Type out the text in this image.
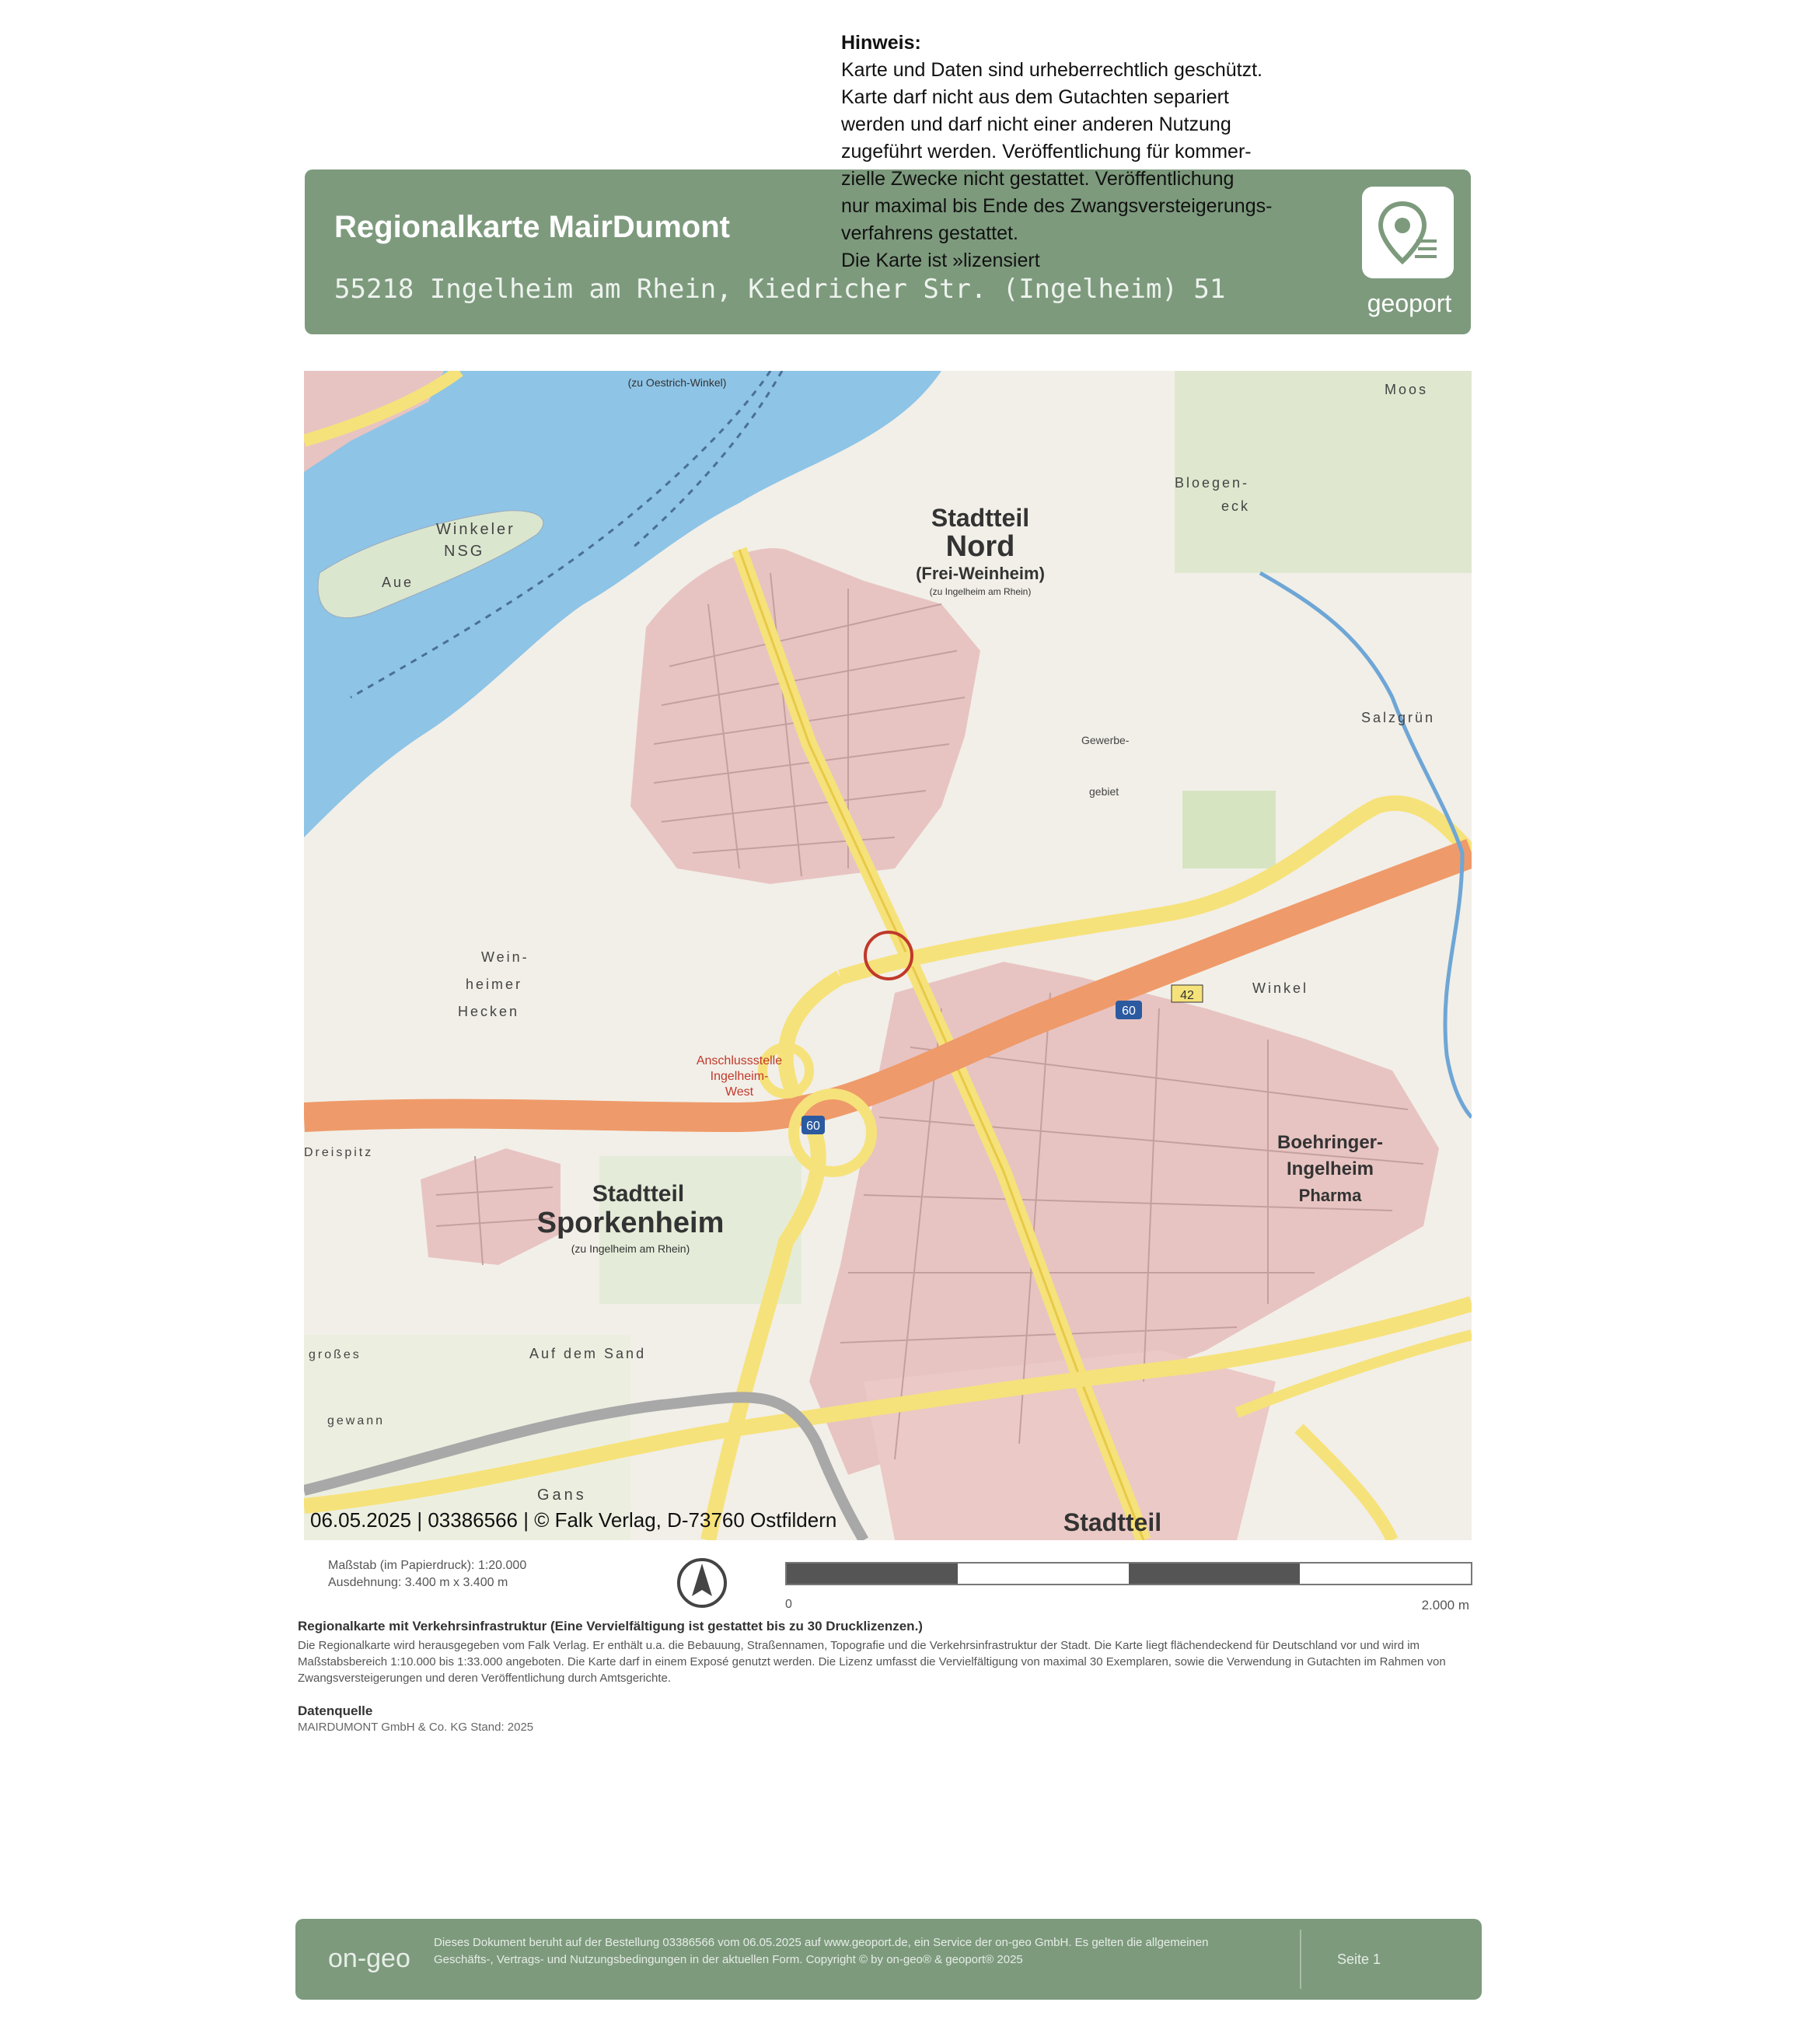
Hinweis:
Karte und Daten sind urheberrechtlich geschützt.
Karte darf nicht aus dem Gutachten separiert
werden und darf nicht einer anderen Nutzung
zugeführt werden. Veröffentlichung für kommer-
zielle Zwecke nicht gestattet. Veröffentlichung
nur maximal bis Ende des Zwangsversteigerungs-
verfahrens gestattet.
Die Karte ist »lizensiert
Regionalkarte MairDumont
55218 Ingelheim am Rhein, Kiedricher Str. (Ingelheim) 51	geoport
Stadtteil
Nord
(Frei-Weinheim)
(zu Ingelheim am Rhein)
Stadtteil
Sporkenheim
(zu Ingelheim am Rhein)
Stadtteil
Winkeler
NSG
Aue
Bloegen-
eck
Moos
Salzgrün
Winkel
Wein-
heimer
Hecken
Boehringer-
Ingelheim
Pharma
Anschlussstelle
Ingelheim-
West
Auf dem Sand
Gans
Dreispitz
großes
gewann
Gewerbe-
gebiet
(zu Oestrich-Winkel)
60
60
42
06.05.2025 | 03386566 | © Falk Verlag, D-73760 Ostfildern
Maßstab (im Papierdruck): 1:20.000
Ausdehnung: 3.400 m x 3.400 m
0	2.000 m
Regionalkarte mit Verkehrsinfrastruktur (Eine Vervielfältigung ist gestattet bis zu 30 Drucklizenzen.)
Die Regionalkarte wird herausgegeben vom Falk Verlag. Er enthält u.a. die Bebauung, Straßennamen, Topografie und die Verkehrsinfrastruktur der Stadt. Die Karte liegt flächendeckend für Deutschland vor und wird im Maßstabsbereich 1:10.000 bis 1:33.000 angeboten. Die Karte darf in einem Exposé genutzt werden. Die Lizenz umfasst die Vervielfältigung von maximal 30 Exemplaren, sowie die Verwendung in Gutachten im Rahmen von Zwangsversteigerungen und deren Veröffentlichung durch Amtsgerichte.
Datenquelle
MAIRDUMONT GmbH & Co. KG Stand: 2025
on-geo
Dieses Dokument beruht auf der Bestellung 03386566 vom 06.05.2025 auf www.geoport.de, ein Service der on-geo GmbH. Es gelten die allgemeinen Geschäfts-, Vertrags- und Nutzungsbedingungen in der aktuellen Form. Copyright © by on-geo® & geoport® 2025	Seite 1
